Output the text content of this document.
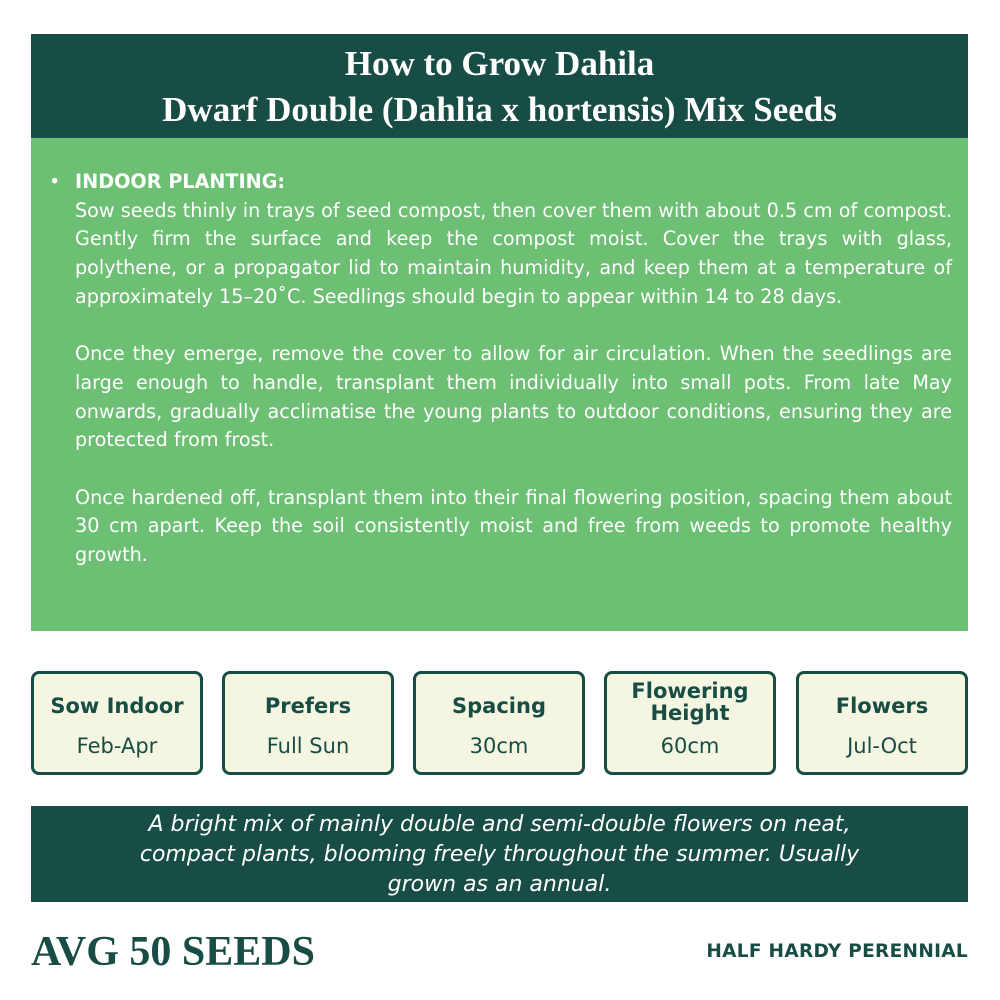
How to Grow Dahila
Dwarf Double (Dahlia x hortensis) Mix Seeds

• INDOOR PLANTING:

Sow seeds thinly in trays of seed compost, then cover them with about 0.5 cm of compost. Gently firm the surface and keep the compost moist. Cover the trays with glass, polythene, or a propagator lid to maintain humidity, and keep them at a temperature of approximately 15–20˚C. Seedlings should begin to appear within 14 to 28 days.

Once they emerge, remove the cover to allow for air circulation. When the seedlings are large enough to handle, transplant them individually into small pots. From late May onwards, gradually acclimatise the young plants to outdoor conditions, ensuring they are protected from frost.

Once hardened off, transplant them into their final flowering position, spacing them about 30 cm apart. Keep the soil consistently moist and free from weeds to promote healthy growth.

Sow Indoor
Feb-Apr
Prefers
Full Sun
Spacing
30cm
Flowering Height
60cm
Flowers
Jul-Oct
A bright mix of mainly double and semi-double flowers on neat,
compact plants, blooming freely throughout the summer. Usually
grown as an annual.
AVG 50 SEEDS	HALF HARDY PERENNIAL
